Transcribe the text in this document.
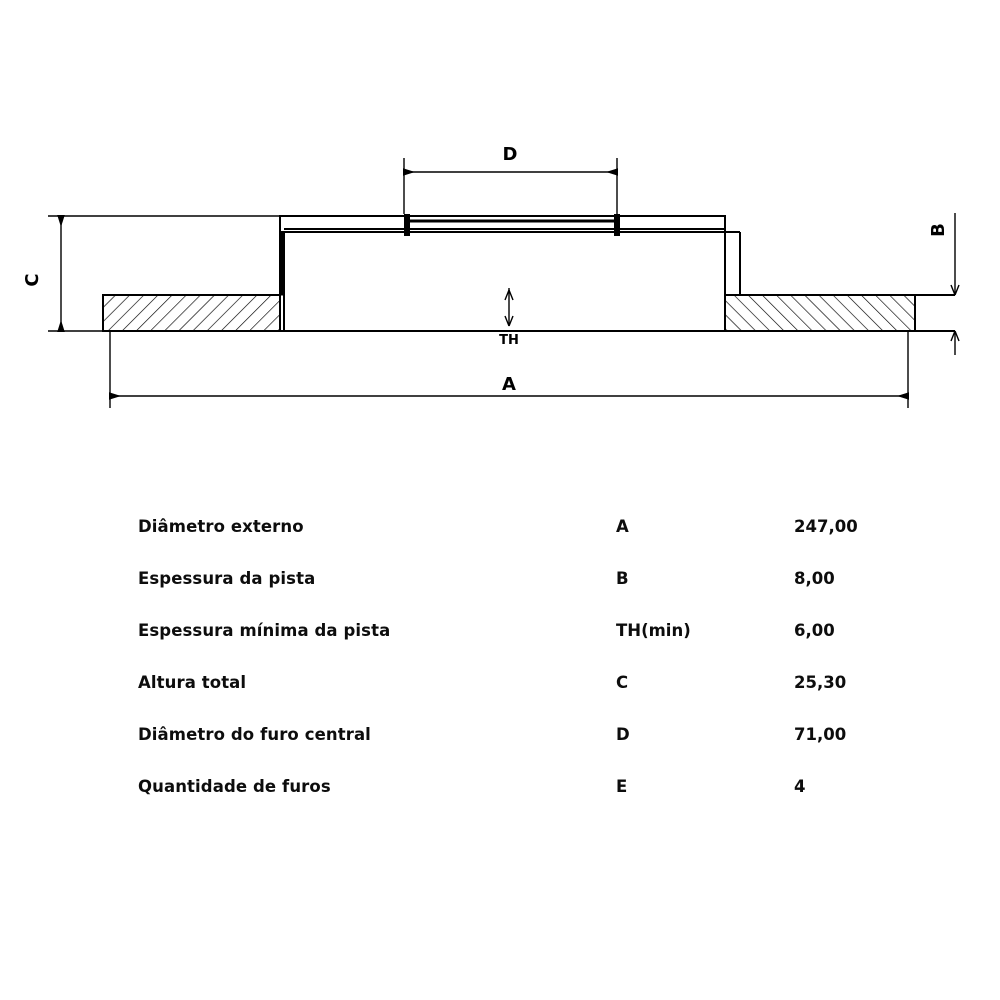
D
C
B
A
TH
Diâmetro externo	A	247,00
Espessura da pista	B	8,00
Espessura mínima da pista	TH(min)	6,00
Altura total	C	25,30
Diâmetro do furo central	D	71,00
Quantidade de furos	E	4
